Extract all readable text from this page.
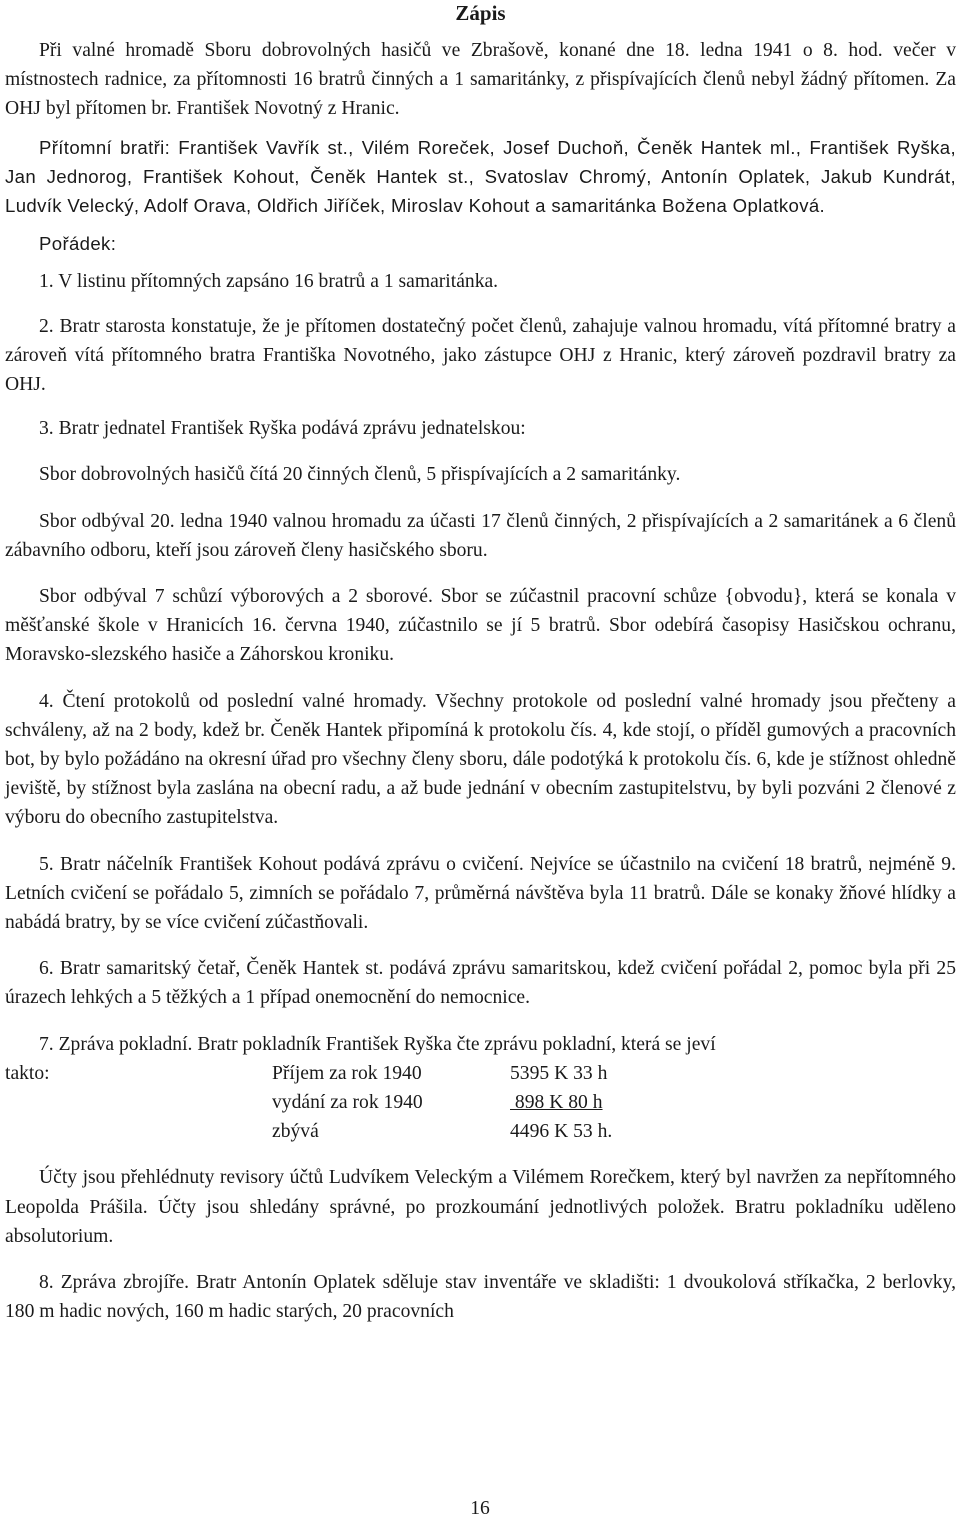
Zápis

Při valné hromadě Sboru dobrovolných hasičů ve Zbrašově, konané dne 18. ledna 1941 o 8. hod. večer v místnostech radnice, za přítomnosti 16 bratrů činných a 1 samaritánky, z přispívajících členů nebyl žádný přítomen. Za OHJ byl přítomen br. František Novotný z Hranic.

Přítomní bratři: František Vavřík st., Vilém Roreček, Josef Duchoň, Čeněk Hantek ml., František Ryška, Jan Jednorog, František Kohout, Čeněk Hantek st., Svatoslav Chromý, Antonín Oplatek, Jakub Kundrát, Ludvík Velecký, Adolf Orava, Oldřich Jiříček, Miroslav Kohout a samaritánka Božena Oplatková.

Pořádek:

1. V listinu přítomných zapsáno 16 bratrů a 1 samaritánka.

2. Bratr starosta konstatuje, že je přítomen dostatečný počet členů, zahajuje valnou hromadu, vítá přítomné bratry a zároveň vítá přítomného bratra Františka Novotného, jako zástupce OHJ z Hranic, který zároveň pozdravil bratry za OHJ.

3. Bratr jednatel František Ryška podává zprávu jednatelskou:

Sbor dobrovolných hasičů čítá 20 činných členů, 5 přispívajících a 2 samaritánky.

Sbor odbýval 20. ledna 1940 valnou hromadu za účasti 17 členů činných, 2 přispívajících a 2 samaritánek a 6 členů zábavního odboru, kteří jsou zároveň členy hasičského sboru.

Sbor odbýval 7 schůzí výborových a 2 sborové. Sbor se zúčastnil pracovní schůze {obvodu}, která se konala v měšťanské škole v Hranicích 16. června 1940, zúčastnilo se jí 5 bratrů. Sbor odebírá časopisy Hasičskou ochranu, Moravsko-slezského hasiče a Záhorskou kroniku.

4. Čtení protokolů od poslední valné hromady. Všechny protokole od poslední valné hromady jsou přečteny a schváleny, až na 2 body, kdež br. Čeněk Hantek připomíná k protokolu čís. 4, kde stojí, o příděl gumových a pracovních bot, by bylo požádáno na okresní úřad pro všechny členy sboru, dále podotýká k protokolu čís. 6, kde je stížnost ohledně jeviště, by stížnost byla zaslána na obecní radu, a až bude jednání v obecním zastupitelstvu, by byli pozváni 2 členové z výboru do obecního zastupitelstva.

5. Bratr náčelník František Kohout podává zprávu o cvičení. Nejvíce se účastnilo na cvičení 18 bratrů, nejméně 9. Letních cvičení se pořádalo 5, zimních se pořádalo 7, průměrná návštěva byla 11 bratrů. Dále se konaky žňové hlídky a nabádá bratry, by se více cvičení zúčastňovali.

6. Bratr samaritský četař, Čeněk Hantek st. podává zprávu samaritskou, kdež cvičení pořádal 2, pomoc byla při 25 úrazech lehkých a 5 těžkých a 1 případ onemocnění do nemocnice.

7. Zpráva pokladní. Bratr pokladník František Ryška čte zprávu pokladní, která se jeví

takto:	Příjem za rok 1940	5395 K 33 h
vydání za rok 1940	898 K 80 h
zbývá	4496 K 53 h.

Účty jsou přehlédnuty revisory účtů Ludvíkem Veleckým a Vilémem Rorečkem, který byl navržen za nepřítomného Leopolda Prášila. Účty jsou shledány správné, po prozkoumání jednotlivých položek. Bratru pokladníku uděleno absolutorium.

8. Zpráva zbrojíře. Bratr Antonín Oplatek sděluje stav inventáře ve skladišti: 1 dvoukolová stříkačka, 2 berlovky, 180 m hadic nových, 160 m hadic starých, 20 pracovních

16
